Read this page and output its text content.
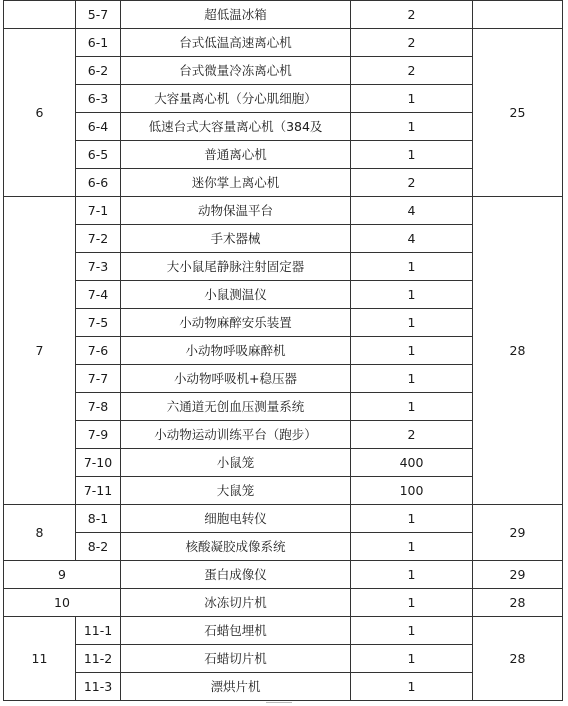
	5-7	超低温冰箱	2	
6	6-1	台式低温高速离心机	2	25
	6-2	台式微量冷冻离心机	2	
	6-3	大容量离心机（分心肌细胞）	1	
	6-4	低速台式大容量离心机（384及	1	
	6-5	普通离心机	1	
	6-6	迷你掌上离心机	2	
7	7-1	动物保温平台	4	28
	7-2	手术器械	4	
	7-3	大小鼠尾静脉注射固定器	1	
	7-4	小鼠测温仪	1	
	7-5	小动物麻醉安乐装置	1	
	7-6	小动物呼吸麻醉机	1	
	7-7	小动物呼吸机+稳压器	1	
	7-8	六通道无创血压测量系统	1	
	7-9	小动物运动训练平台（跑步）	2	
	7-10	小鼠笼	400	
	7-11	大鼠笼	100	
8	8-1	细胞电转仪	1	29
	8-2	核酸凝胶成像系统	1	
9		蛋白成像仪	1	29
10		冰冻切片机	1	28
11	11-1	石蜡包埋机	1	28
	11-2	石蜡切片机	1	
	11-3	漂烘片机	1	
